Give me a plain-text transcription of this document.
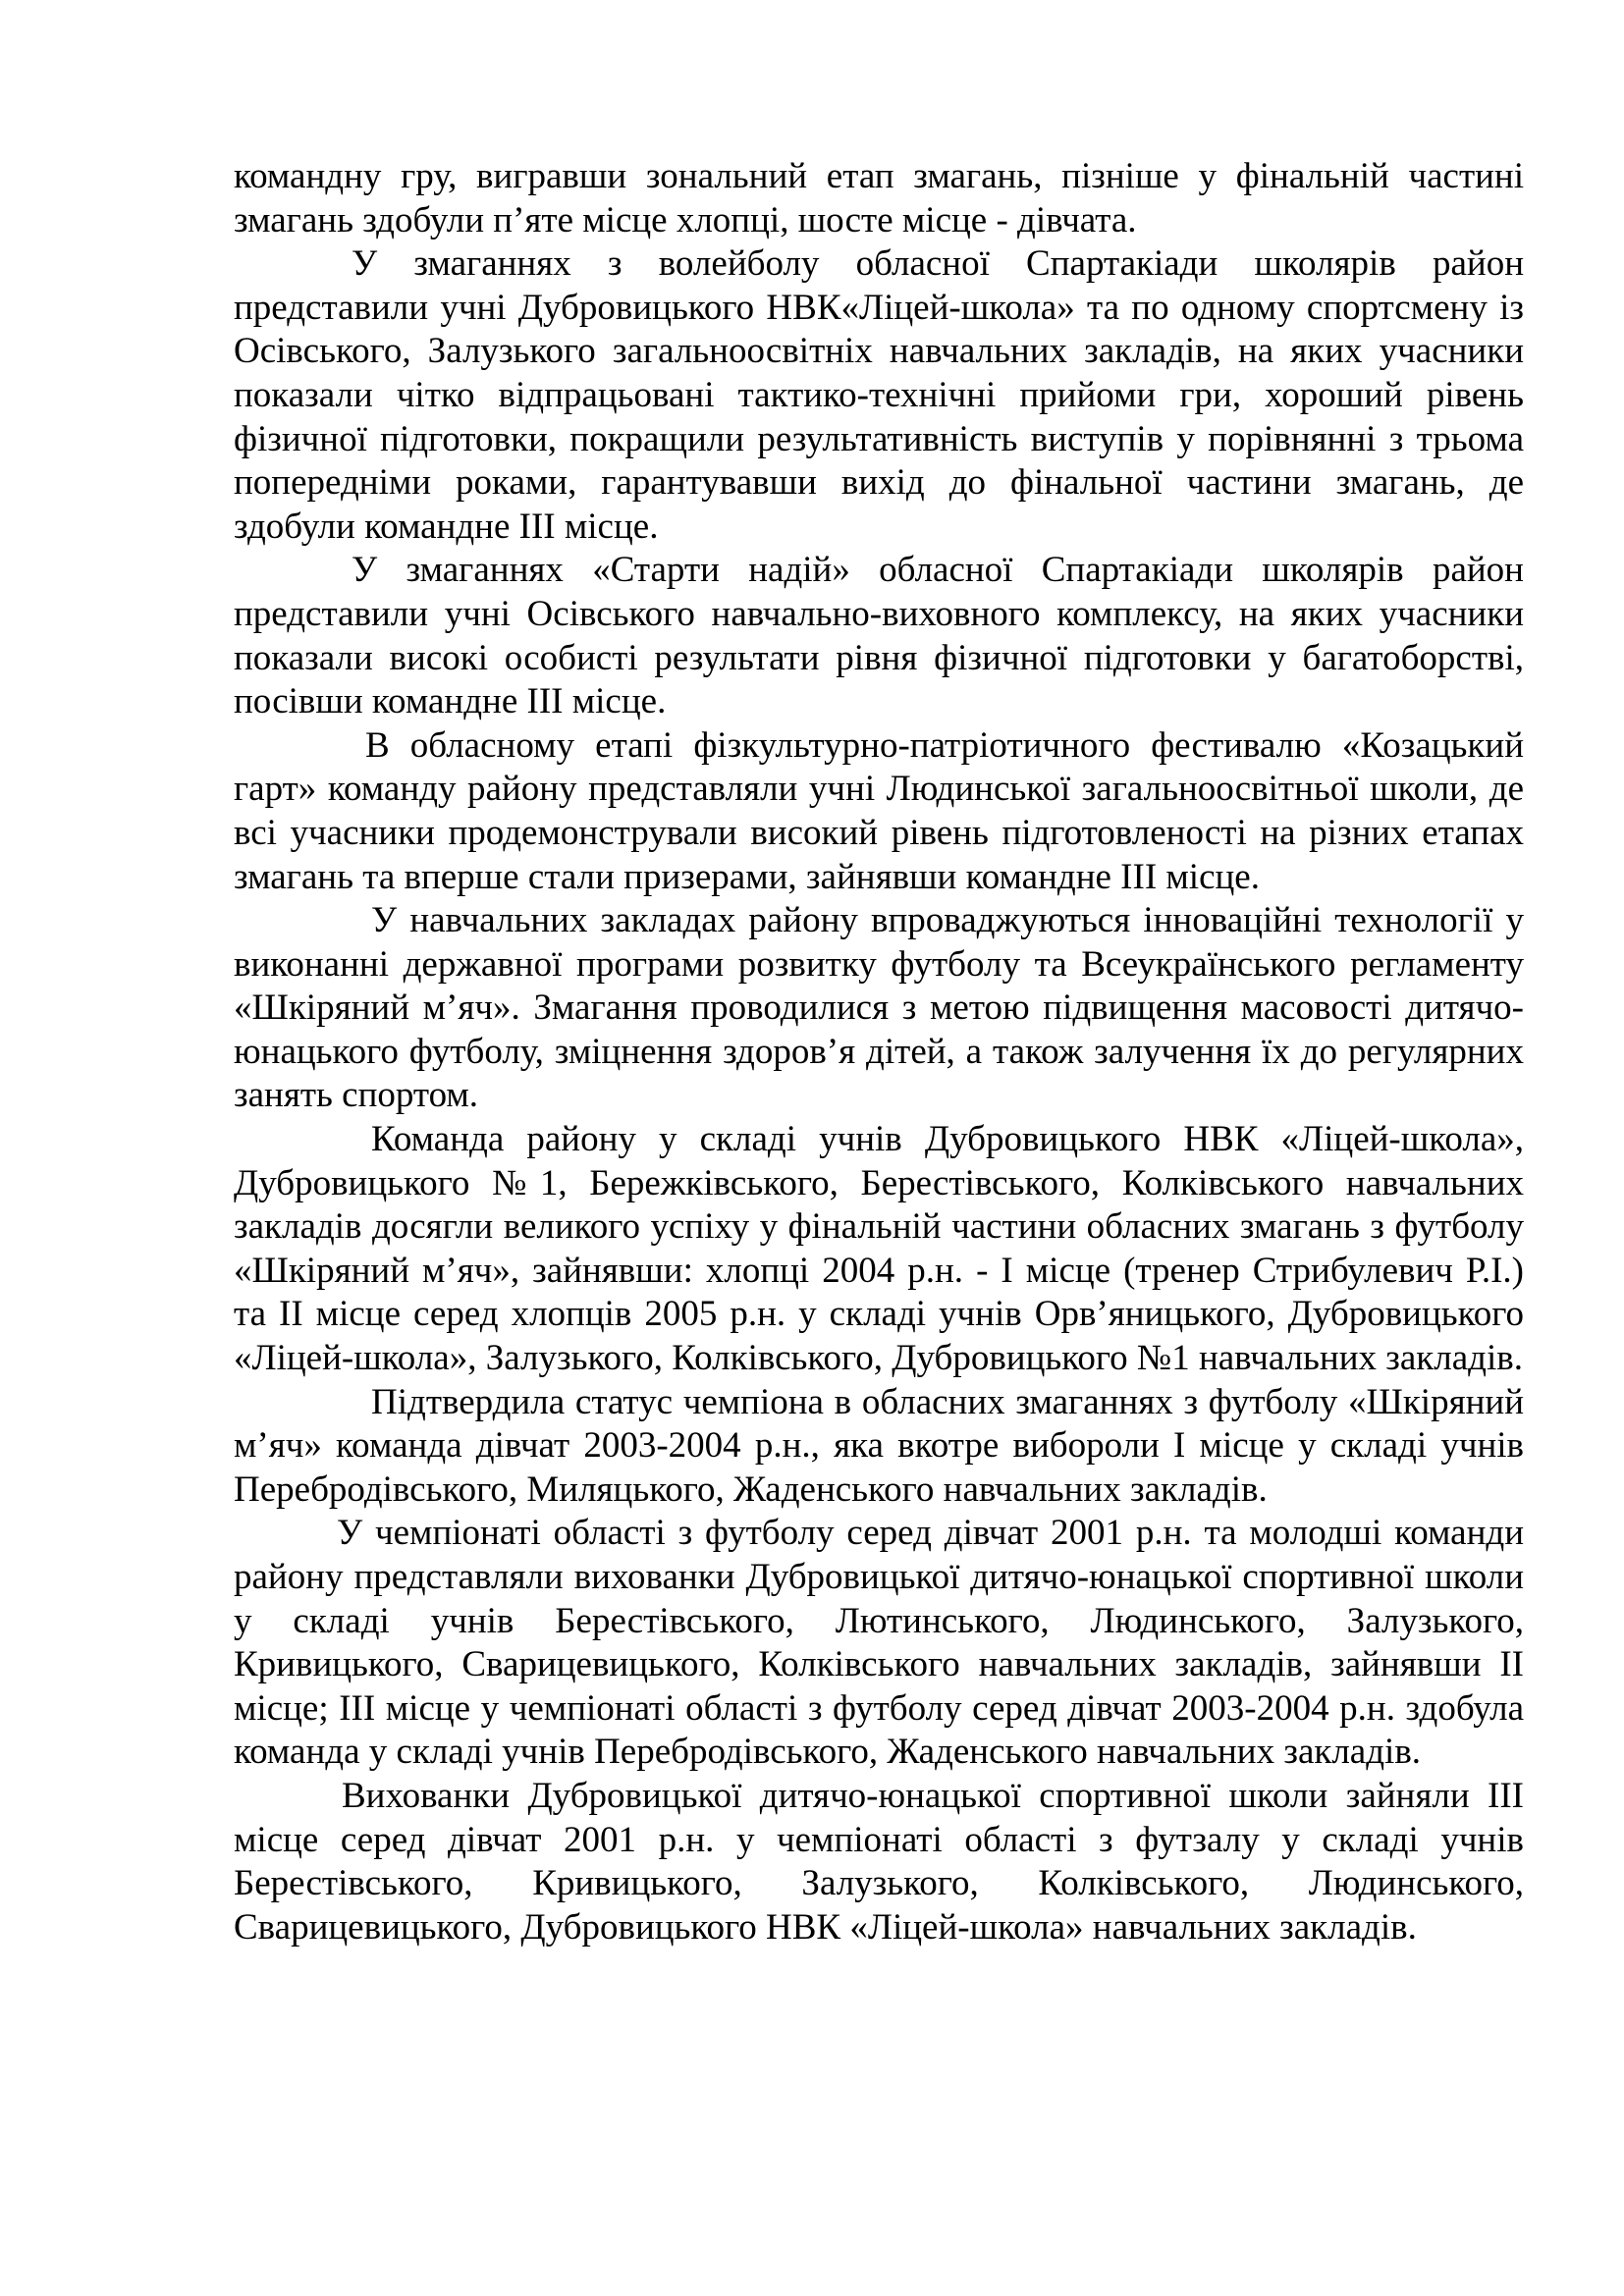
командну гру, вигравши зональний етап змагань, пізніше у фінальній частині змагань здобули п’яте місце хлопці, шосте місце - дівчата.

У змаганнях з волейболу обласної Спартакіади школярів район представили учні Дубровицького НВК«Ліцей-школа» та по одному спортсмену із Осівського, Залузького загальноосвітніх навчальних закладів, на яких учасники показали чітко відпрацьовані тактико-технічні прийоми гри, хороший рівень фізичної підготовки, покращили результативність виступів у порівнянні з трьома попередніми роками, гарантувавши вихід до фінальної частини змагань, де здобули командне ІІІ місце.

У змаганнях «Старти надій» обласної Спартакіади школярів район представили учні Осівського навчально-виховного комплексу, на яких учасники показали високі особисті результати рівня фізичної підготовки у багатоборстві, посівши командне ІІІ місце.

В обласному етапі фізкультурно-патріотичного фестивалю «Козацький гарт» команду району представляли учні Людинської загальноосвітньої школи, де всі учасники продемонстрували високий рівень підготовленості на різних етапах змагань та вперше стали призерами, зайнявши командне ІІІ місце.

У навчальних закладах району впроваджуються інноваційні технології у виконанні державної програми розвитку футболу та Всеукраїнського регламенту «Шкіряний м’яч». Змагання проводилися з метою підвищення масовості дитячо-юнацького футболу, зміцнення здоров’я дітей, а також залучення їх до регулярних занять спортом.

Команда району у складі учнів Дубровицького НВК «Ліцей-школа», Дубровицького №1, Бережківського, Берестівського, Колківського навчальних закладів досягли великого успіху у фінальній частини обласних змагань з футболу «Шкіряний м’яч», зайнявши: хлопці 2004 р.н. - І місце (тренер Стрибулевич Р.І.) та ІІ місце серед хлопців 2005 р.н. у складі учнів Орв’яницького, Дубровицького «Ліцей-школа», Залузького, Колківського, Дубровицького №1 навчальних закладів.

Підтвердила статус чемпіона в обласних змаганнях з футболу «Шкіряний м’яч» команда дівчат 2003-2004 р.н., яка вкотре вибороли І місце у складі учнів Перебродівського, Миляцького, Жаденського навчальних закладів.

У чемпіонаті області з футболу серед дівчат 2001 р.н. та молодші команди району представляли вихованки Дубровицької дитячо-юнацької спортивної школи у складі учнів Берестівського, Лютинського, Людинського, Залузького, Кривицького, Сварицевицького, Колківського навчальних закладів, зайнявши ІІ місце; ІІІ місце у чемпіонаті області з футболу серед дівчат 2003-2004 р.н. здобула команда у складі учнів Перебродівського, Жаденського навчальних закладів.

Вихованки Дубровицької дитячо-юнацької спортивної школи зайняли ІІІ місце серед дівчат 2001 р.н. у чемпіонаті області з футзалу у складі учнів Берестівського, Кривицького, Залузького, Колківського, Людинського, Сварицевицького, Дубровицького НВК «Ліцей-школа» навчальних закладів.
